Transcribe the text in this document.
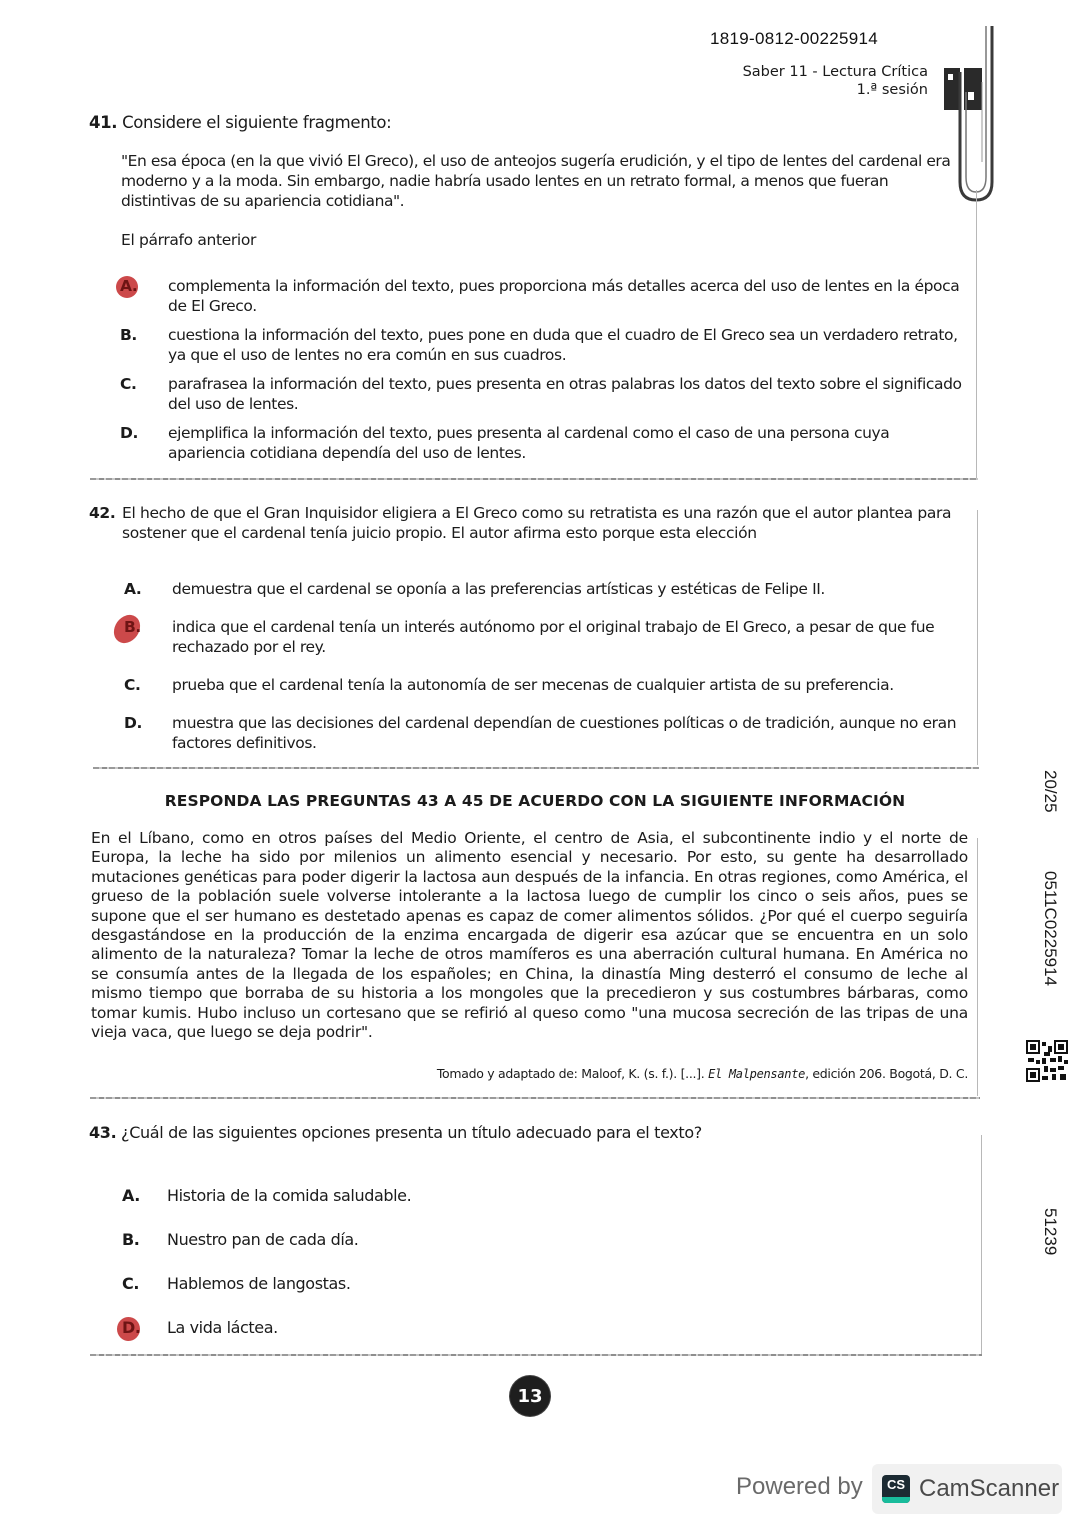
1819-0812-00225914
Saber 11 - Lectura Crítica
1.ª sesión
41. Considere el siguiente fragmento:
"En esa época (en la que vivió El Greco), el uso de anteojos sugería erudición, y el tipo de lentes del cardenal era moderno y a la moda. Sin embargo, nadie habría usado lentes en un retrato formal, a menos que fueran distintivas de su apariencia cotidiana".
El párrafo anterior
A.	complementa la información del texto, pues proporciona más detalles acerca del uso de lentes en la época de El Greco.
B.	cuestiona la información del texto, pues pone en duda que el cuadro de El Greco sea un verdadero retrato, ya que el uso de lentes no era común en sus cuadros.
C.	parafrasea la información del texto, pues presenta en otras palabras los datos del texto sobre el significado del uso de lentes.
D.	ejemplifica la información del texto, pues presenta al cardenal como el caso de una persona cuya apariencia cotidiana dependía del uso de lentes.
42. El hecho de que el Gran Inquisidor eligiera a El Greco como su retratista es una razón que el autor plantea para sostener que el cardenal tenía juicio propio. El autor afirma esto porque esta elección
A.	demuestra que el cardenal se oponía a las preferencias artísticas y estéticas de Felipe II.
B.	indica que el cardenal tenía un interés autónomo por el original trabajo de El Greco, a pesar de que fue rechazado por el rey.
C.	prueba que el cardenal tenía la autonomía de ser mecenas de cualquier artista de su preferencia.
D.	muestra que las decisiones del cardenal dependían de cuestiones políticas o de tradición, aunque no eran factores definitivos.
RESPONDA LAS PREGUNTAS 43 A 45 DE ACUERDO CON LA SIGUIENTE INFORMACIÓN
En el Líbano, como en otros países del Medio Oriente, el centro de Asia, el subcontinente indio y el norte de Europa, la leche ha sido por milenios un alimento esencial y necesario. Por esto, su gente ha desarrollado mutaciones genéticas para poder digerir la lactosa aun después de la infancia. En otras regiones, como América, el grueso de la población suele volverse intolerante a la lactosa luego de cumplir los cinco o seis años, pues se supone que el ser humano es destetado apenas es capaz de comer alimentos sólidos. ¿Por qué el cuerpo seguiría desgastándose en la producción de la enzima encargada de digerir esa azúcar que se encuentra en un solo alimento de la naturaleza? Tomar la leche de otros mamíferos es una aberración cultural humana. En América no se consumía antes de la llegada de los españoles; en China, la dinastía Ming desterró el consumo de leche al mismo tiempo que borraba de su historia a los mongoles que la precedieron y sus costumbres bárbaras, como tomar kumis. Hubo incluso un cortesano que se refirió al queso como "una mucosa secreción de las tripas de una vieja vaca, que luego se deja podrir".
Tomado y adaptado de: Maloof, K. (s. f.). [...]. El Malpensante, edición 206. Bogotá, D. C.
43. ¿Cuál de las siguientes opciones presenta un título adecuado para el texto?
A.	Historia de la comida saludable.
B.	Nuestro pan de cada día.
C.	Hablemos de langostas.
D.	La vida láctea.
20/25
0511C0225914
51239
13
Powered by	CS CamScanner
